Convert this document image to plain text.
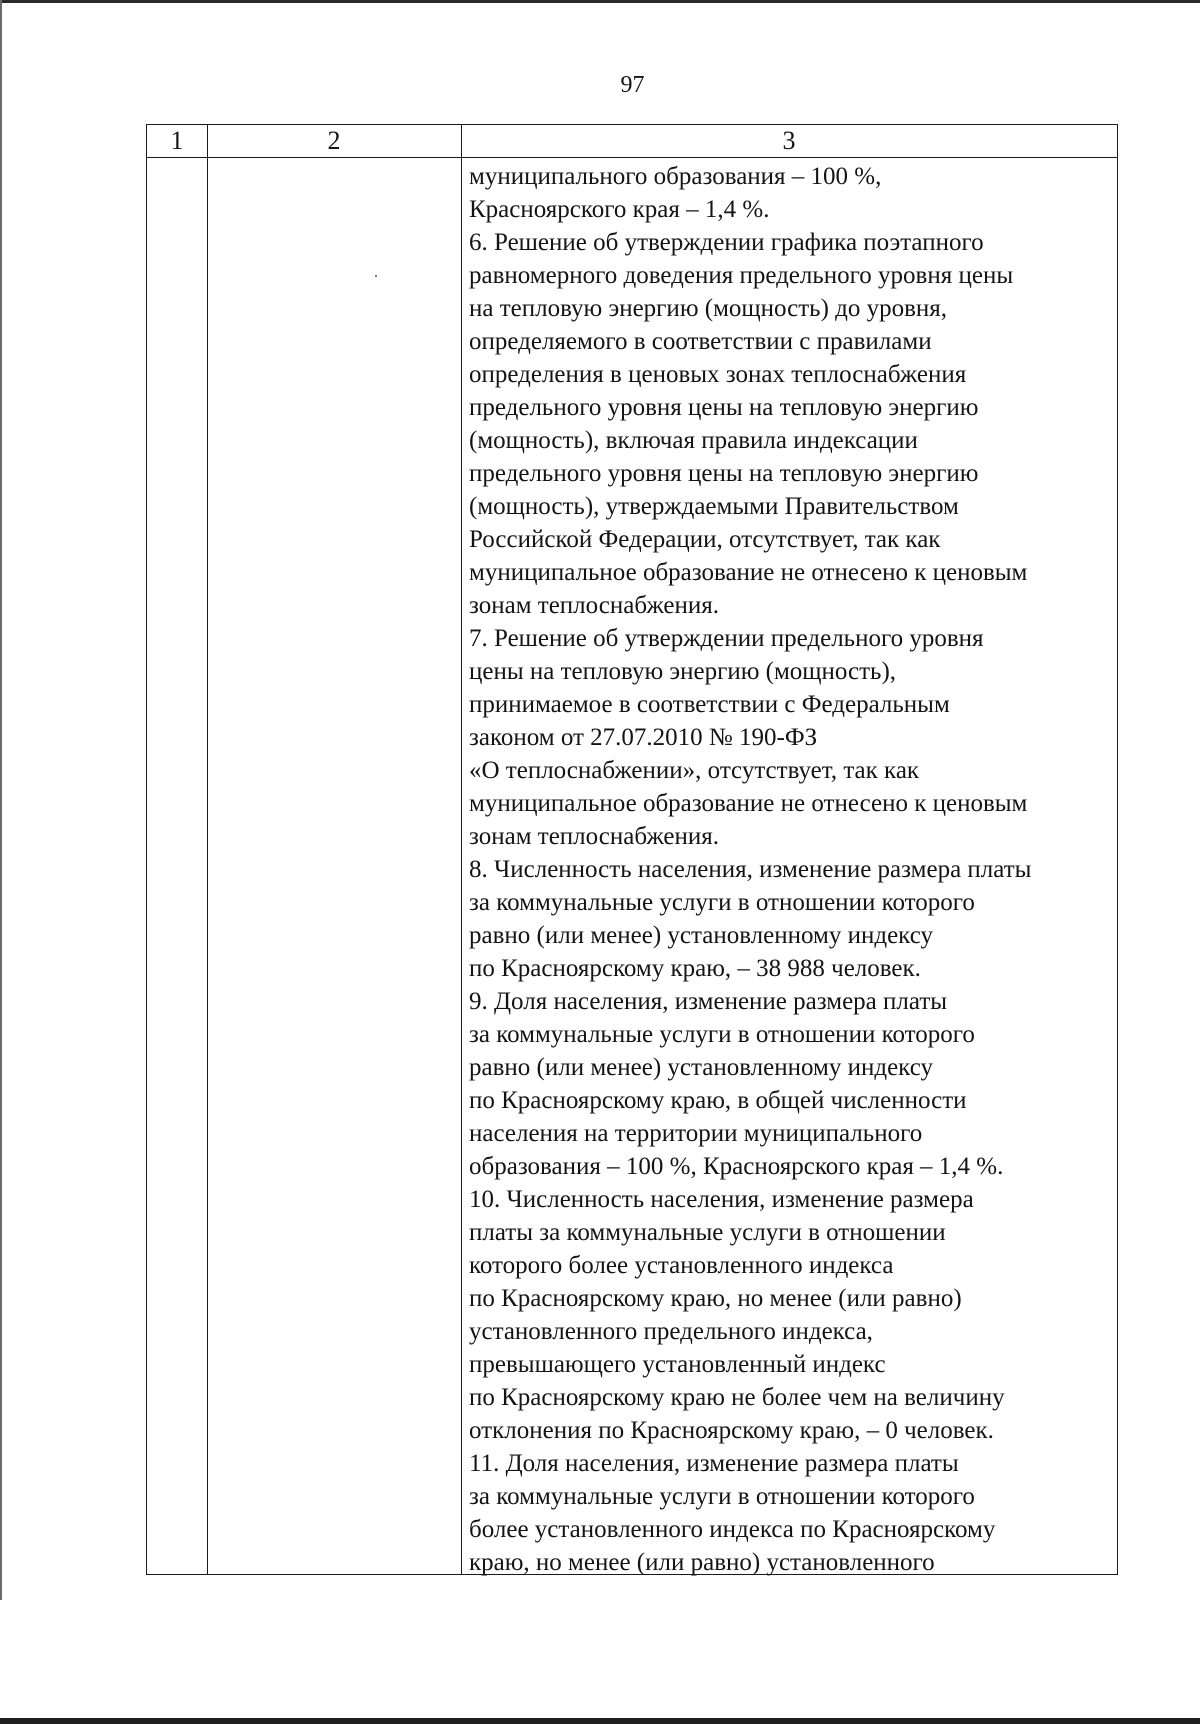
97
1	2	3
муниципального образования – 100 %,
Красноярского края – 1,4 %.
6. Решение об утверждении графика поэтапного
равномерного доведения предельного уровня цены
на тепловую энергию (мощность) до уровня,
определяемого в соответствии с правилами
определения в ценовых зонах теплоснабжения
предельного уровня цены на тепловую энергию
(мощность), включая правила индексации
предельного уровня цены на тепловую энергию
(мощность), утверждаемыми Правительством
Российской Федерации, отсутствует, так как
муниципальное образование не отнесено к ценовым
зонам теплоснабжения.
7. Решение об утверждении предельного уровня
цены на тепловую энергию (мощность),
принимаемое в соответствии с Федеральным
законом от 27.07.2010 № 190-ФЗ
«О теплоснабжении», отсутствует, так как
муниципальное образование не отнесено к ценовым
зонам теплоснабжения.
8. Численность населения, изменение размера платы
за коммунальные услуги в отношении которого
равно (или менее) установленному индексу
по Красноярскому краю, – 38 988 человек.
9. Доля населения, изменение размера платы
за коммунальные услуги в отношении которого
равно (или менее) установленному индексу
по Красноярскому краю, в общей численности
населения на территории муниципального
образования – 100 %, Красноярского края – 1,4 %.
10. Численность населения, изменение размера
платы за коммунальные услуги в отношении
которого более установленного индекса
по Красноярскому краю, но менее (или равно)
установленного предельного индекса,
превышающего установленный индекс
по Красноярскому краю не более чем на величину
отклонения по Красноярскому краю, – 0 человек.
11. Доля населения, изменение размера платы
за коммунальные услуги в отношении которого
более установленного индекса по Красноярскому
краю, но менее (или равно) установленного
